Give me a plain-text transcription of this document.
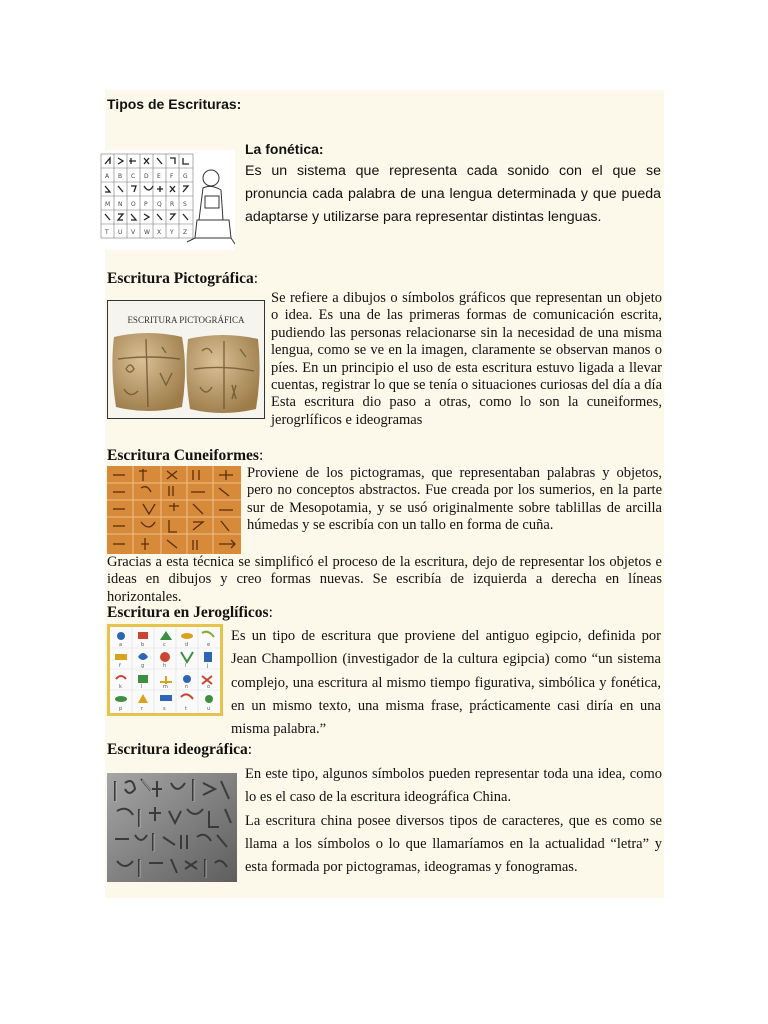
Tipos de Escrituras:
A B C D E F G
M N O P Q R S
T U V W X Y Z
La fonética:

Es un sistema que representa cada sonido con el que se pronuncia cada palabra de una lengua determinada y que pueda adaptarse y utilizarse para representar distintas lenguas.

Escritura Pictográfica:
ESCRITURA PICTOGRÁFICA

Se refiere a dibujos o símbolos gráficos que representan un objeto o idea. Es una de las primeras formas de comunicación escrita, pudiendo las personas relacionarse sin la necesidad de una misma lengua, como se ve en la imagen, claramente se observan manos o píes. En un principio el uso de esta escritura estuvo ligada a llevar cuentas, registrar lo que se tenía o situaciones curiosas del día a día Esta escritura dio paso a otras, como lo son la cuneiformes, jerogrlíficos e ideogramas

Escritura Cuneiformes:

Proviene de los pictogramas, que representaban palabras y objetos, pero no conceptos abstractos. Fue creada por los sumerios, en la parte sur de Mesopotamia, y se usó originalmente sobre tablillas de arcilla húmedas y se escribía con un tallo en forma de cuña.

Gracias a esta técnica se simplificó el proceso de la escritura, dejo de representar los objetos e ideas en dibujos y creo formas nuevas. Se escribía de izquierda a derecha en líneas horizontales.

Escritura en Jeroglíficos:
a	b	c	d	e
f	g	h	i	j
k	l	m	n	o
p	r	s	t	u

Es un tipo de escritura que proviene del antiguo egipcio, definida por Jean Champollion (investigador de la cultura egipcia) como “un sistema complejo, una escritura al mismo tiempo figurativa, simbólica y fonética, en un mismo texto, una misma frase, prácticamente casi diría en una misma palabra.”

Escritura ideográfica:

En este tipo, algunos símbolos pueden representar toda una idea, como lo es el caso de la escritura ideográfica China.

La escritura china posee diversos tipos de caracteres, que es como se llama a los símbolos o lo que llamaríamos en la actualidad “letra” y esta formada por pictogramas, ideogramas y fonogramas.
